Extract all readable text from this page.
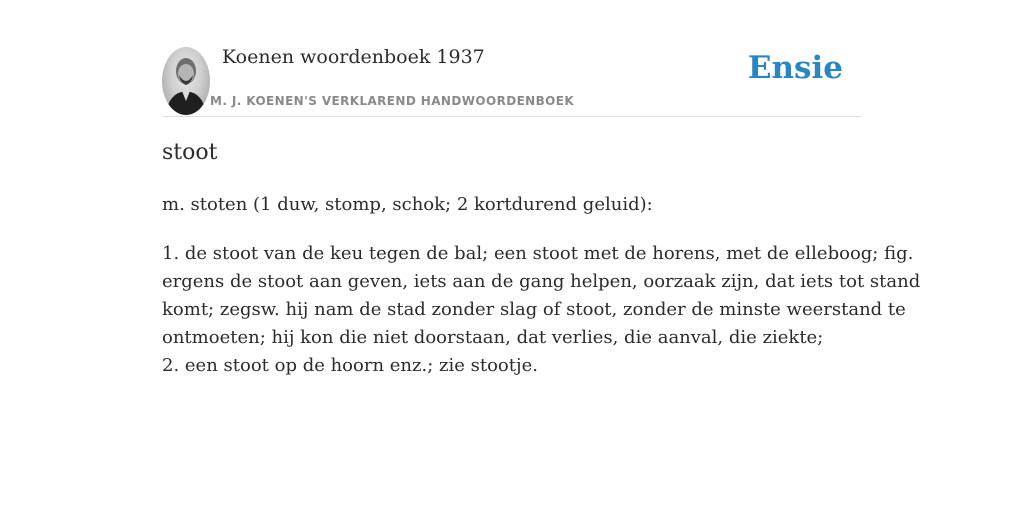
Koenen woordenboek 1937
M. J. KOENEN'S VERKLAREND HANDWOORDENBOEK
Ensie
stoot

m. stoten (1 duw, stomp, schok; 2 kortdurend geluid):

1. de stoot van de keu tegen de bal; een stoot met de horens, met de elleboog; fig.
ergens de stoot aan geven, iets aan de gang helpen, oorzaak zijn, dat iets tot stand
komt; zegsw. hij nam de stad zonder slag of stoot, zonder de minste weerstand te
ontmoeten; hij kon die niet doorstaan, dat verlies, die aanval, die ziekte;
2. een stoot op de hoorn enz.; zie stootje.
